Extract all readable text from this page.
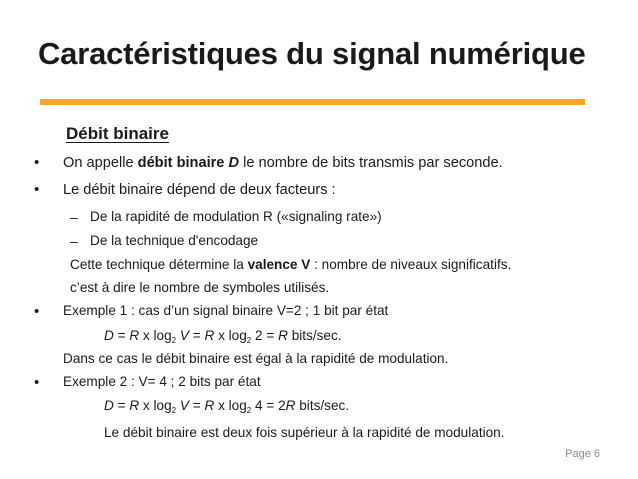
Caractéristiques du signal numérique
Débit binaire
• On appelle débit binaire D le nombre de bits transmis par seconde.
• Le débit binaire dépend de deux facteurs :
– De la rapidité de modulation R («signaling rate»)
– De la technique d'encodage
Cette technique détermine la valence V : nombre de niveaux significatifs.
c’est à dire le nombre de symboles utilisés.
• Exemple 1 : cas d’un signal binaire V=2 ; 1 bit par état
D = R x $\log_2 V = R$ x $\log_2 2 = R$ bits/sec.
Dans ce cas le débit binaire est égal à la rapidité de modulation.
• Exemple 2 : V= 4 ; 2 bits par état
D = R x $\log_2 V = R$ x $\log_2 4 = 2R$ bits/sec.
Le débit binaire est deux fois supérieur à la rapidité de modulation.
Page 6
